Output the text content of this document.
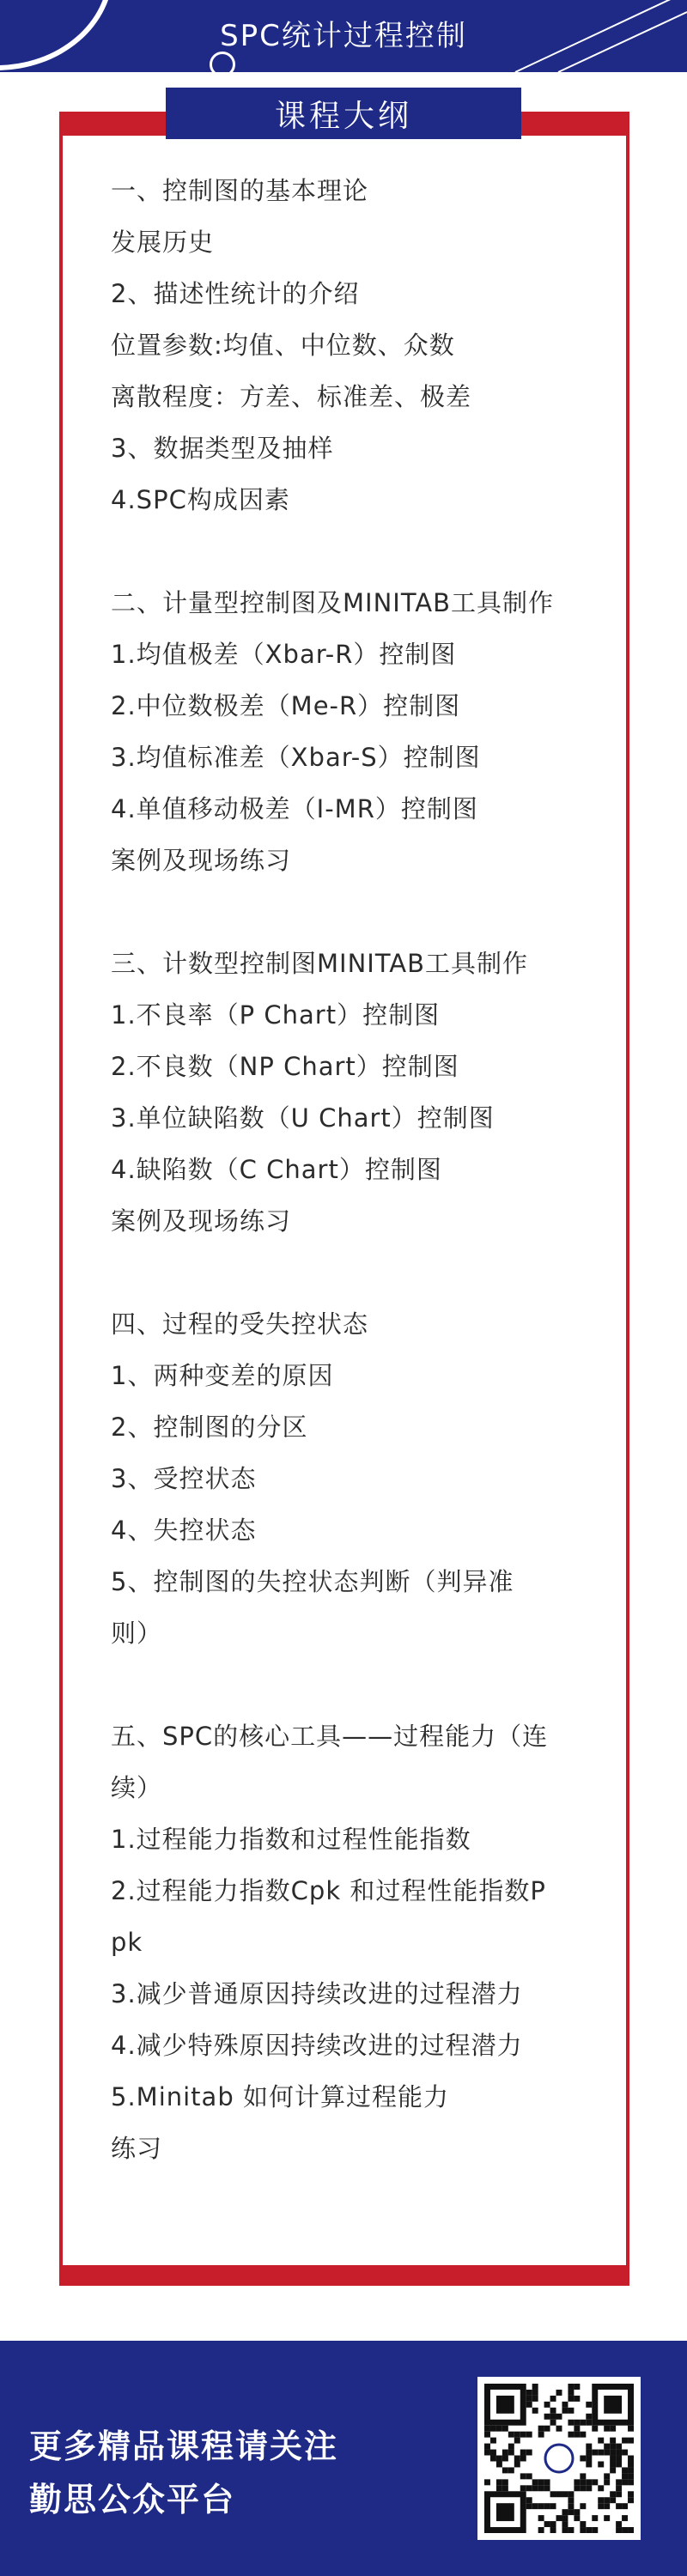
SPC统计过程控制
课程大纲
一、控制图的基本理论
发展历史
2、描述性统计的介绍
位置参数:均值、中位数、众数
离散程度：方差、标准差、极差
3、数据类型及抽样
4.SPC构成因素
二、计量型控制图及MINITAB工具制作
1.均值极差（Xbar-R）控制图
2.中位数极差（Me-R）控制图
3.均值标准差（Xbar-S）控制图
4.单值移动极差（I-MR）控制图
案例及现场练习
三、计数型控制图MINITAB工具制作
1.不良率（P Chart）控制图
2.不良数（NP Chart）控制图
3.单位缺陷数（U Chart）控制图
4.缺陷数（C Chart）控制图
案例及现场练习
四、过程的受失控状态
1、两种变差的原因
2、控制图的分区
3、受控状态
4、失控状态
5、控制图的失控状态判断（判异准
则）
五、SPC的核心工具——过程能力（连
续）
1.过程能力指数和过程性能指数
2.过程能力指数Cpk 和过程性能指数P
pk
3.减少普通原因持续改进的过程潜力
4.减少特殊原因持续改进的过程潜力
5.Minitab 如何计算过程能力
练习
更多精品课程请关注
勤思公众平台
